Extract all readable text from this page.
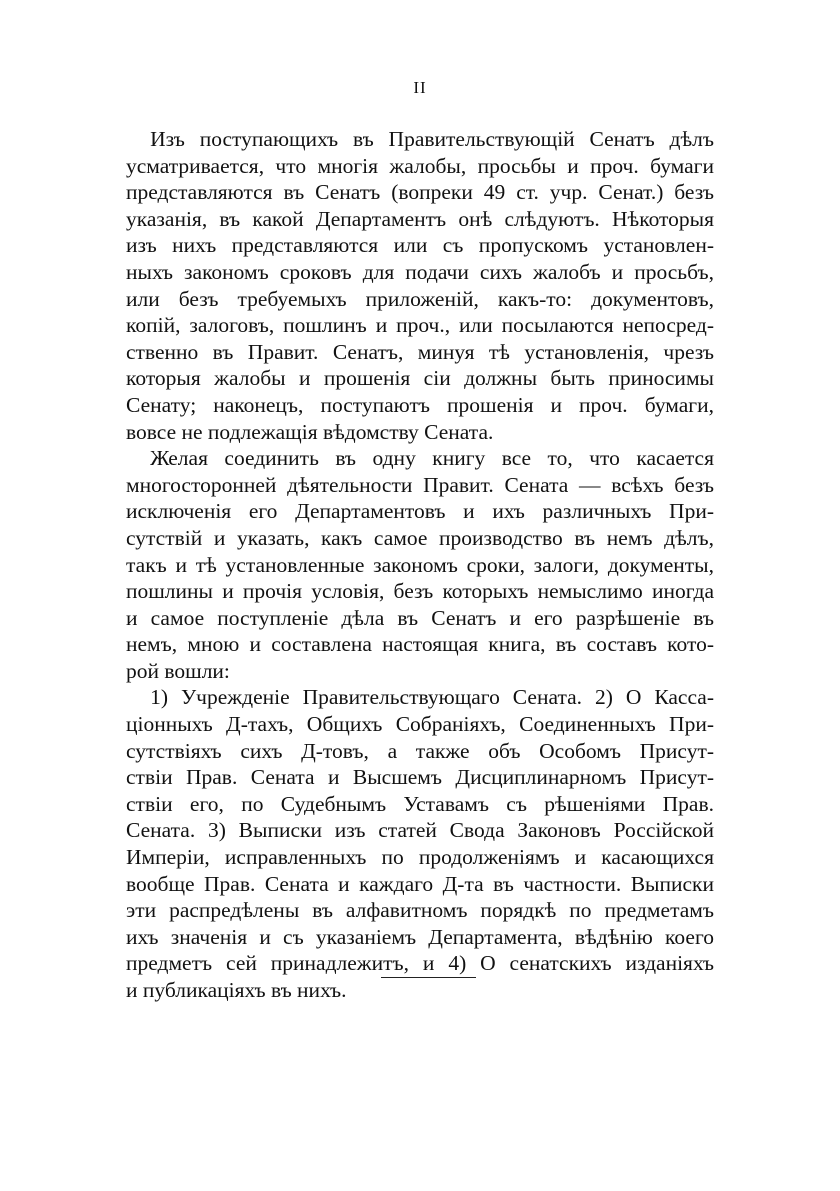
II
Изъ поступающихъ въ Правительствующій Сенатъ дѣлъ
усматривается, что многія жалобы, просьбы и проч. бумаги
представляются въ Сенатъ (вопреки 49 ст. учр. Сенат.) безъ
указанія, въ какой Департаментъ онѣ слѣдуютъ. Нѣкоторыя
изъ нихъ представляются или съ пропускомъ установлен-
ныхъ закономъ сроковъ для подачи сихъ жалобъ и просьбъ,
или безъ требуемыхъ приложеній, какъ-то: документовъ,
копій, залоговъ, пошлинъ и проч., или посылаются непосред-
ственно въ Правит. Сенатъ, минуя тѣ установленія, чрезъ
которыя жалобы и прошенія сіи должны быть приносимы
Сенату; наконецъ, поступаютъ прошенія и проч. бумаги,
вовсе не подлежащія вѣдомству Сената.
Желая соединить въ одну книгу все то, что касается
многосторонней дѣятельности Правит. Сената — всѣхъ безъ
исключенія его Департаментовъ и ихъ различныхъ При-
сутствій и указать, какъ самое производство въ немъ дѣлъ,
такъ и тѣ установленные закономъ сроки, залоги, документы,
пошлины и прочія условія, безъ которыхъ немыслимо иногда
и самое поступленіе дѣла въ Сенатъ и его разрѣшеніе въ
немъ, мною и составлена настоящая книга, въ составъ кото-
рой вошли:
1) Учрежденіе Правительствующаго Сената. 2) О Касса-
ціонныхъ Д-тахъ, Общихъ Собраніяхъ, Соединенныхъ При-
сутствіяхъ сихъ Д-товъ, а также объ Особомъ Присут-
ствіи Прав. Сената и Высшемъ Дисциплинарномъ Присут-
ствіи его, по Судебнымъ Уставамъ съ рѣшеніями Прав.
Сената. 3) Выписки изъ статей Свода Законовъ Россійской
Имперіи, исправленныхъ по продолженіямъ и касающихся
вообще Прав. Сената и каждаго Д-та въ частности. Выписки
эти распредѣлены въ алфавитномъ порядкѣ по предметамъ
ихъ значенія и съ указаніемъ Департамента, вѣдѣнію коего
предметъ сей принадлежитъ, и 4) О сенатскихъ изданіяхъ
и публикаціяхъ въ нихъ.
